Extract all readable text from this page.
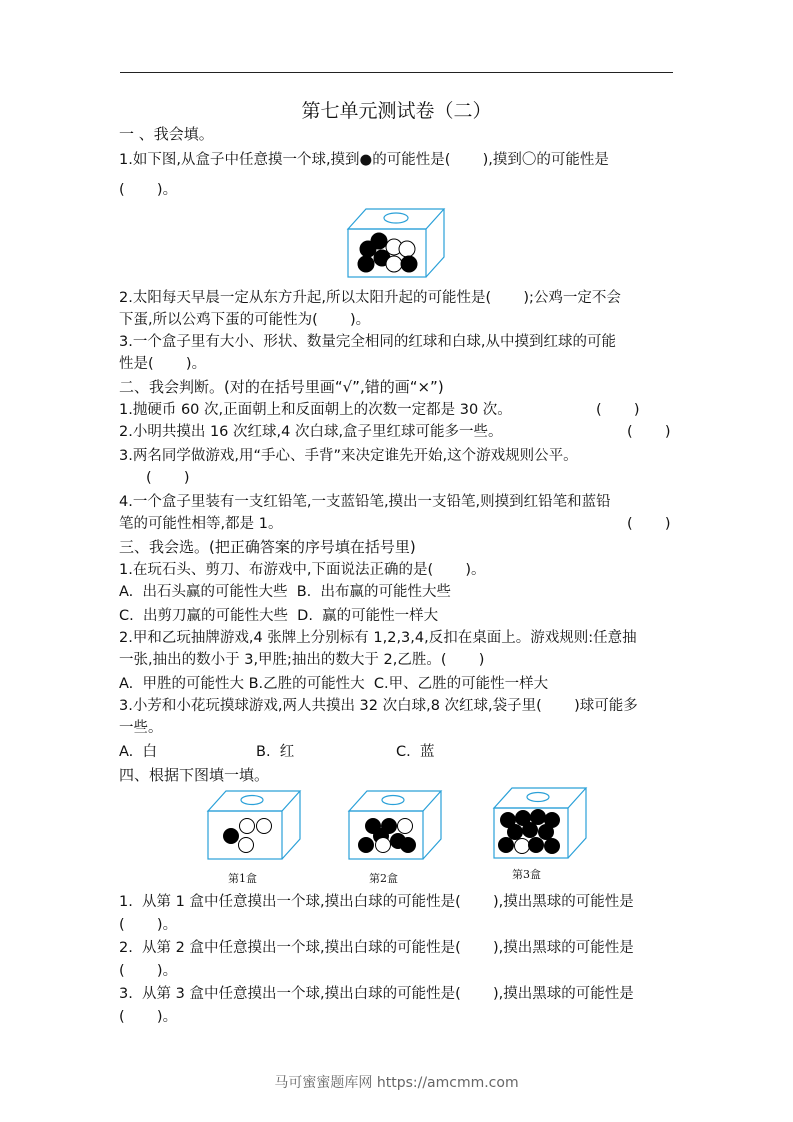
第七单元测试卷（二）
一 、我会填。
1.如下图,从盒子中任意摸一个球,摸到●的可能性是(       ),摸到〇的可能性是
(       )。
2.太阳每天早晨一定从东方升起,所以太阳升起的可能性是(       );公鸡一定不会
下蛋,所以公鸡下蛋的可能性为(       )。
3.一个盒子里有大小、形状、数量完全相同的红球和白球,从中摸到红球的可能
性是(       )。
二、我会判断。(对的在括号里画“√”,错的画“×”)
1.抛硬币 60 次,正面朝上和反面朝上的次数一定都是 30 次。	(       )
2.小明共摸出 16 次红球,4 次白球,盒子里红球可能多一些。	(       )
3.两名同学做游戏,用“手心、手背”来决定谁先开始,这个游戏规则公平。
(       )
4.一个盒子里装有一支红铅笔,一支蓝铅笔,摸出一支铅笔,则摸到红铅笔和蓝铅
笔的可能性相等,都是 1。	(       )
三、我会选。(把正确答案的序号填在括号里)
1.在玩石头、剪刀、布游戏中,下面说法正确的是(       )。
A.  出石头赢的可能性大些  B.  出布赢的可能性大些
C.  出剪刀赢的可能性大些  D.  赢的可能性一样大
2.甲和乙玩抽牌游戏,4 张牌上分别标有 1,2,3,4,反扣在桌面上。游戏规则:任意抽
一张,抽出的数小于 3,甲胜;抽出的数大于 2,乙胜。(       )
A.  甲胜的可能性大 B.乙胜的可能性大  C.甲、乙胜的可能性一样大
3.小芳和小花玩摸球游戏,两人共摸出 32 次白球,8 次红球,袋子里(       )球可能多
一些。
A.  白	B.  红	C.  蓝
四、根据下图填一填。
第1盒	第2盒	第3盒
1.  从第 1 盒中任意摸出一个球,摸出白球的可能性是(       ),摸出黑球的可能性是
(       )。
2.  从第 2 盒中任意摸出一个球,摸出白球的可能性是(       ),摸出黑球的可能性是
(       )。
3.  从第 3 盒中任意摸出一个球,摸出白球的可能性是(       ),摸出黑球的可能性是
(       )。
马可蜜蜜题库网 https://amcmm.com
